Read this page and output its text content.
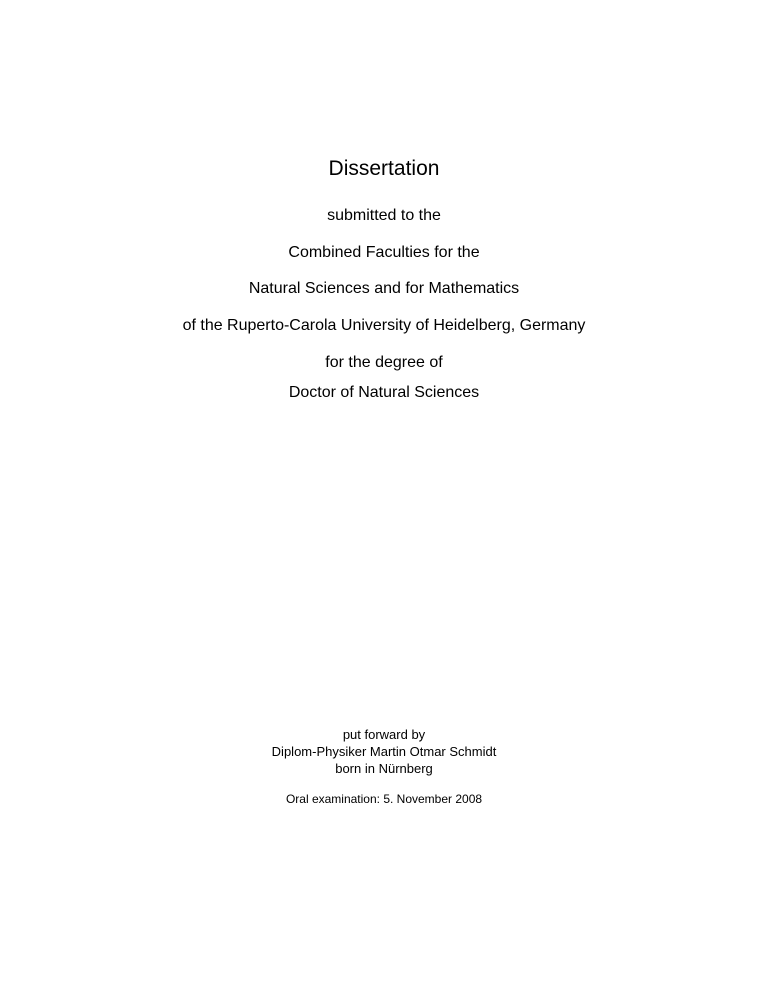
Dissertation
submitted to the
Combined Faculties for the
Natural Sciences and for Mathematics
of the Ruperto-Carola University of Heidelberg, Germany
for the degree of
Doctor of Natural Sciences
put forward by
Diplom-Physiker Martin Otmar Schmidt
born in Nürnberg
Oral examination: 5. November 2008
